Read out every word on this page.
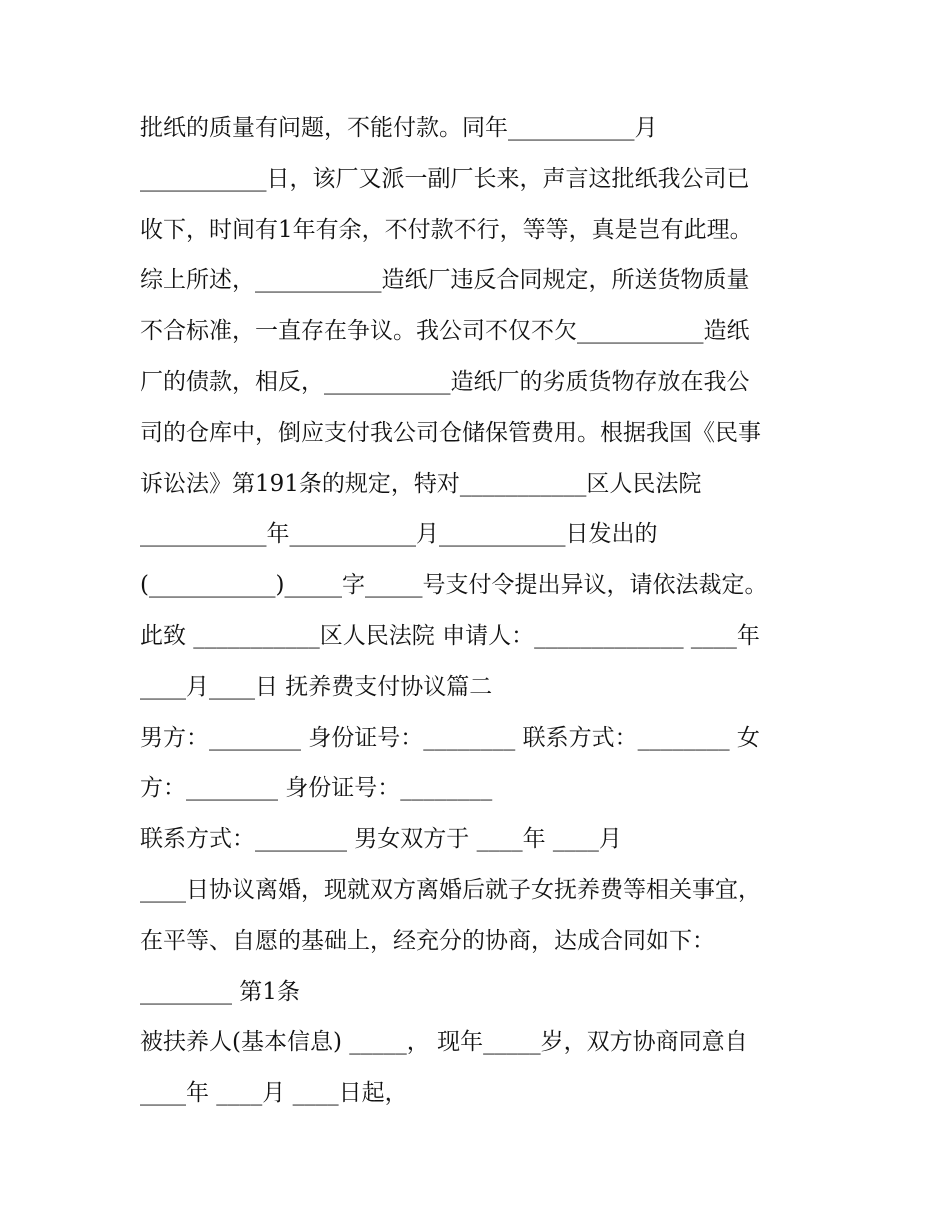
批纸的质量有问题，不能付款。同年___________月
___________日，该厂又派一副厂长来，声言这批纸我公司已
收下，时间有1年有余，不付款不行，等等，真是岂有此理。
综上所述，___________造纸厂违反合同规定，所送货物质量
不合标准，一直存在争议。我公司不仅不欠___________造纸
厂的债款，相反，___________造纸厂的劣质货物存放在我公
司的仓库中，倒应支付我公司仓储保管费用。根据我国《民事
诉讼法》第191条的规定，特对___________区人民法院
___________年___________月___________日发出的
(___________)_____字_____号支付令提出异议，请依法裁定。
此致 ___________区人民法院 申请人：_____________ ____年
____月____日 抚养费支付协议篇二
男方：________ 身份证号：________ 联系方式：________ 女
方：________ 身份证号：________
联系方式：________ 男女双方于 ____年 ____月
____日协议离婚，现就双方离婚后就子女抚养费等相关事宜，
在平等、自愿的基础上，经充分的协商，达成合同如下：
________ 第1条
被扶养人(基本信息) _____， 现年_____岁，双方协商同意自
____年 ____月 ____日起，
